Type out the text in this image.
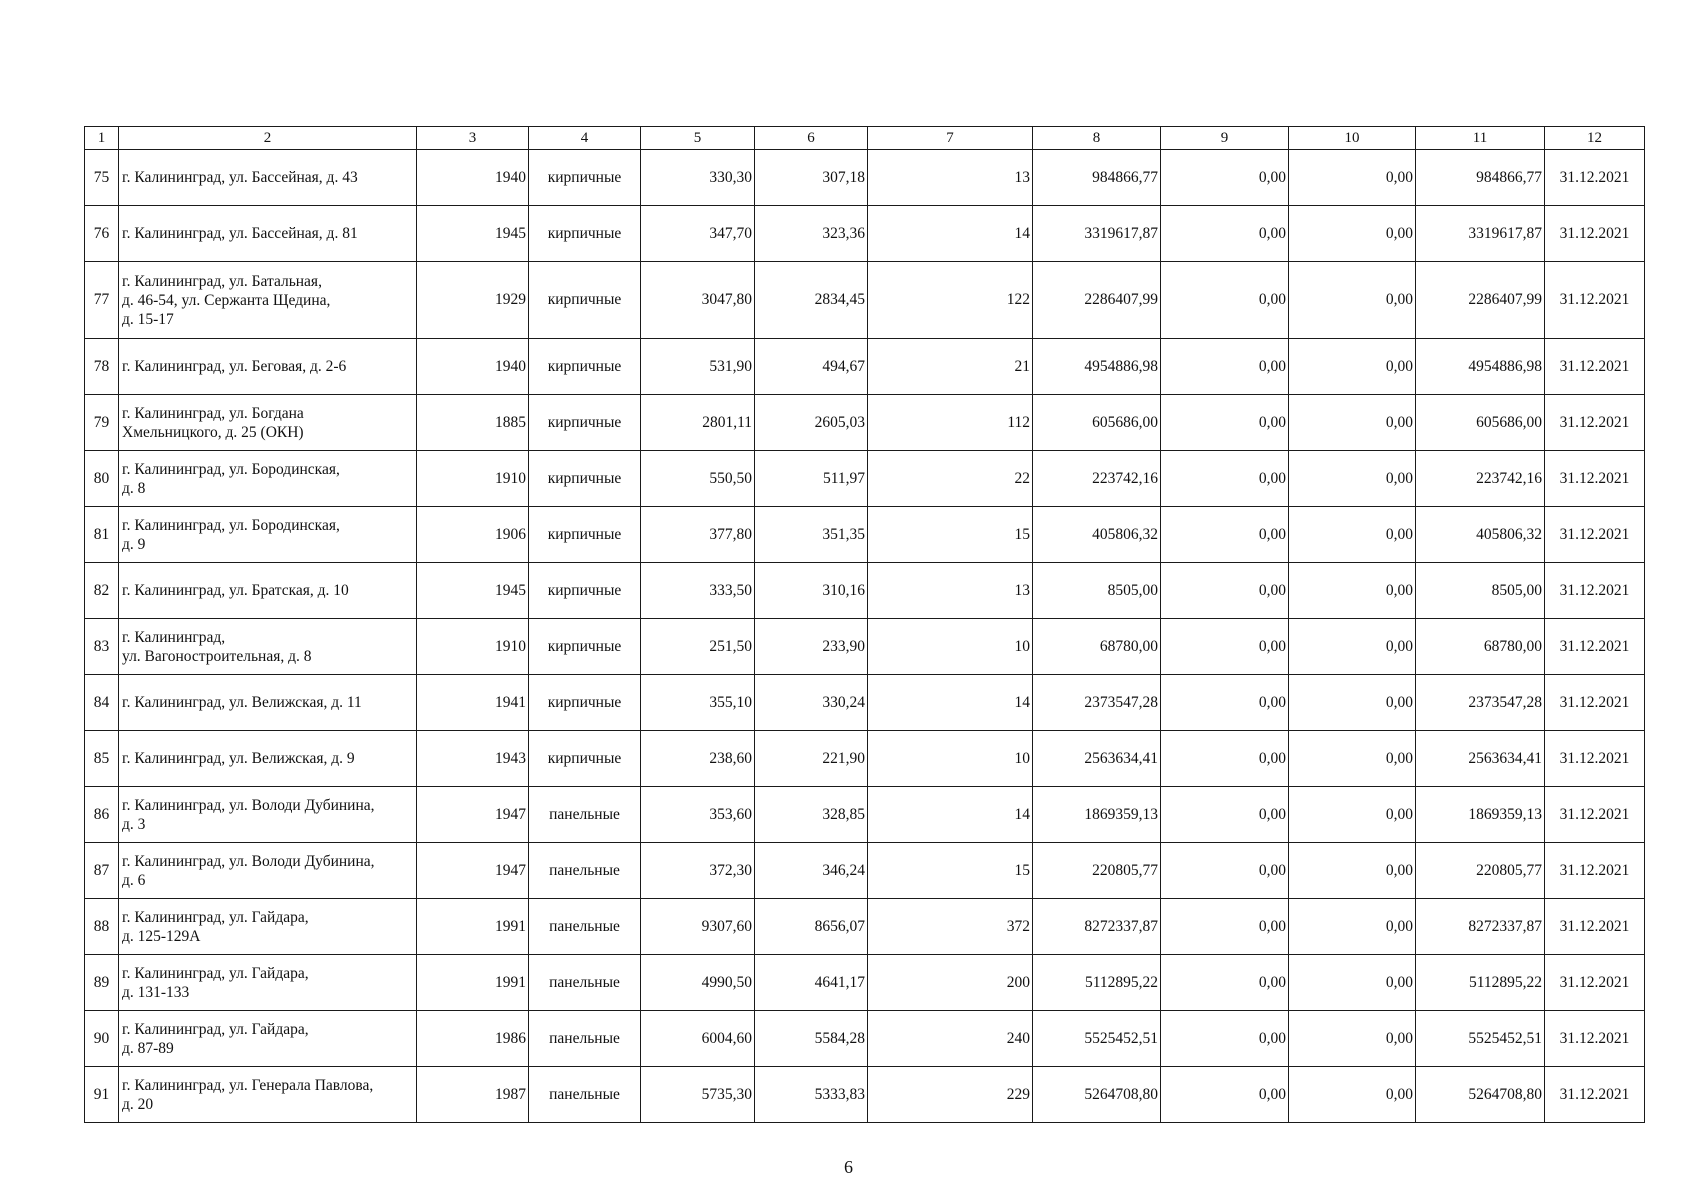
1	2	3	4	5	6	7	8	9	10	11	12
75	г. Калининград, ул. Бассейная, д. 43	1940	кирпичные	330,30	307,18	13	984866,77	0,00	0,00	984866,77	31.12.2021
76	г. Калининград, ул. Бассейная, д. 81	1945	кирпичные	347,70	323,36	14	3319617,87	0,00	0,00	3319617,87	31.12.2021
77	г. Калининград, ул. Батальная,
д. 46-54, ул. Сержанта Щедина,
д. 15-17	1929	кирпичные	3047,80	2834,45	122	2286407,99	0,00	0,00	2286407,99	31.12.2021
78	г. Калининград, ул. Беговая, д. 2-6	1940	кирпичные	531,90	494,67	21	4954886,98	0,00	0,00	4954886,98	31.12.2021
79	г. Калининград, ул. Богдана
Хмельницкого, д. 25 (ОКН)	1885	кирпичные	2801,11	2605,03	112	605686,00	0,00	0,00	605686,00	31.12.2021
80	г. Калининград, ул. Бородинская,
д. 8	1910	кирпичные	550,50	511,97	22	223742,16	0,00	0,00	223742,16	31.12.2021
81	г. Калининград, ул. Бородинская,
д. 9	1906	кирпичные	377,80	351,35	15	405806,32	0,00	0,00	405806,32	31.12.2021
82	г. Калининград, ул. Братская, д. 10	1945	кирпичные	333,50	310,16	13	8505,00	0,00	0,00	8505,00	31.12.2021
83	г. Калининград,
ул. Вагоностроительная, д. 8	1910	кирпичные	251,50	233,90	10	68780,00	0,00	0,00	68780,00	31.12.2021
84	г. Калининград, ул. Велижская, д. 11	1941	кирпичные	355,10	330,24	14	2373547,28	0,00	0,00	2373547,28	31.12.2021
85	г. Калининград, ул. Велижская, д. 9	1943	кирпичные	238,60	221,90	10	2563634,41	0,00	0,00	2563634,41	31.12.2021
86	г. Калининград, ул. Володи Дубинина,
д. 3	1947	панельные	353,60	328,85	14	1869359,13	0,00	0,00	1869359,13	31.12.2021
87	г. Калининград, ул. Володи Дубинина,
д. 6	1947	панельные	372,30	346,24	15	220805,77	0,00	0,00	220805,77	31.12.2021
88	г. Калининград, ул. Гайдара,
д. 125-129А	1991	панельные	9307,60	8656,07	372	8272337,87	0,00	0,00	8272337,87	31.12.2021
89	г. Калининград, ул. Гайдара,
д. 131-133	1991	панельные	4990,50	4641,17	200	5112895,22	0,00	0,00	5112895,22	31.12.2021
90	г. Калининград, ул. Гайдара,
д. 87-89	1986	панельные	6004,60	5584,28	240	5525452,51	0,00	0,00	5525452,51	31.12.2021
91	г. Калининград, ул. Генерала Павлова,
д. 20	1987	панельные	5735,30	5333,83	229	5264708,80	0,00	0,00	5264708,80	31.12.2021
6
